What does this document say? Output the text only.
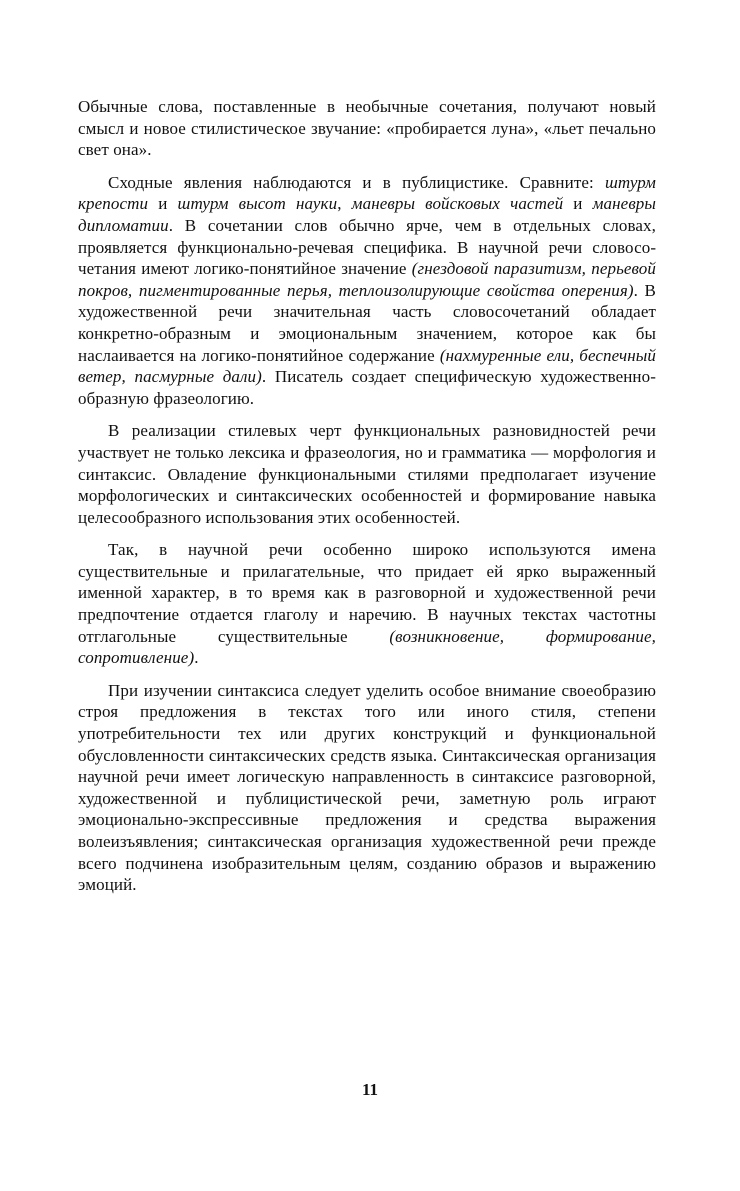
Обычные слова, поставленные в необычные сочетания, получают новый смысл и новое стилистическое звучание: «пробирается луна», «льет печально свет она».

Сходные явления наблюдаются и в публицистике. Сравните: штурм крепости и штурм высот науки, маневры войсковых частей и маневры дипломатии. В сочетании слов обычно ярче, чем в отдельных словах, проявляется функционально-речевая специфика. В научной речи словосочетания имеют логико-понятийное значение (гнездовой паразитизм, перьевой покров, пигментированные перья, теплоизолирующие свойства оперения). В художественной речи значительная часть словосочетаний обладает конкретно-образным и эмоциональным значением, которое как бы наслаивается на логико-понятийное содержание (нахмуренные ели, беспечный ветер, пасмурные дали). Писатель создает специфическую художественно-образную фразеологию.

В реализации стилевых черт функциональных разновидностей речи участвует не только лексика и фразеология, но и грамматика — морфология и синтаксис. Овладение функциональными стилями предполагает изучение морфологических и синтаксических особенностей и формирование навыка целесообразного использования этих особенностей.

Так, в научной речи особенно широко используются имена существительные и прилагательные, что придает ей ярко выраженный именной характер, в то время как в разговорной и художественной речи предпочтение отдается глаголу и наречию. В научных текстах частотны отглагольные существительные (возникновение, формирование, сопротивление).

При изучении синтаксиса следует уделить особое внимание своеобразию строя предложения в текстах того или иного стиля, степени употребительности тех или других конструкций и функциональной обусловленности синтаксических средств языка. Синтаксическая организация научной речи имеет логическую направленность в синтаксисе разговорной, художественной и публицистической речи, заметную роль играют эмоционально-экспрессивные предложения и средства выражения волеизъявления; синтаксическая организация художественной речи прежде всего подчинена изобразительным целям, созданию образов и выражению эмоций.

11
